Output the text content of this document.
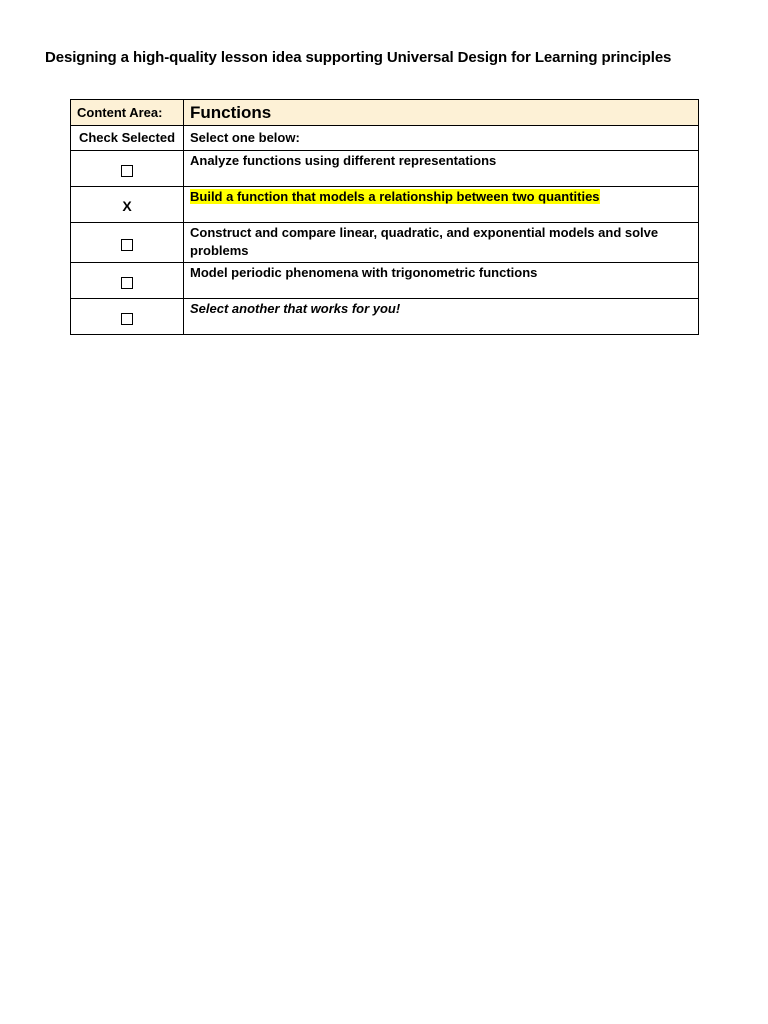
Designing a high-quality lesson idea supporting Universal Design for Learning principles
Content Area:	Functions
Check Selected	Select one below:
	Analyze functions using different representations
X	Build a function that models a relationship between two quantities
	Construct and compare linear, quadratic, and exponential models and solve problems
	Model periodic phenomena with trigonometric functions
	Select another that works for you!
